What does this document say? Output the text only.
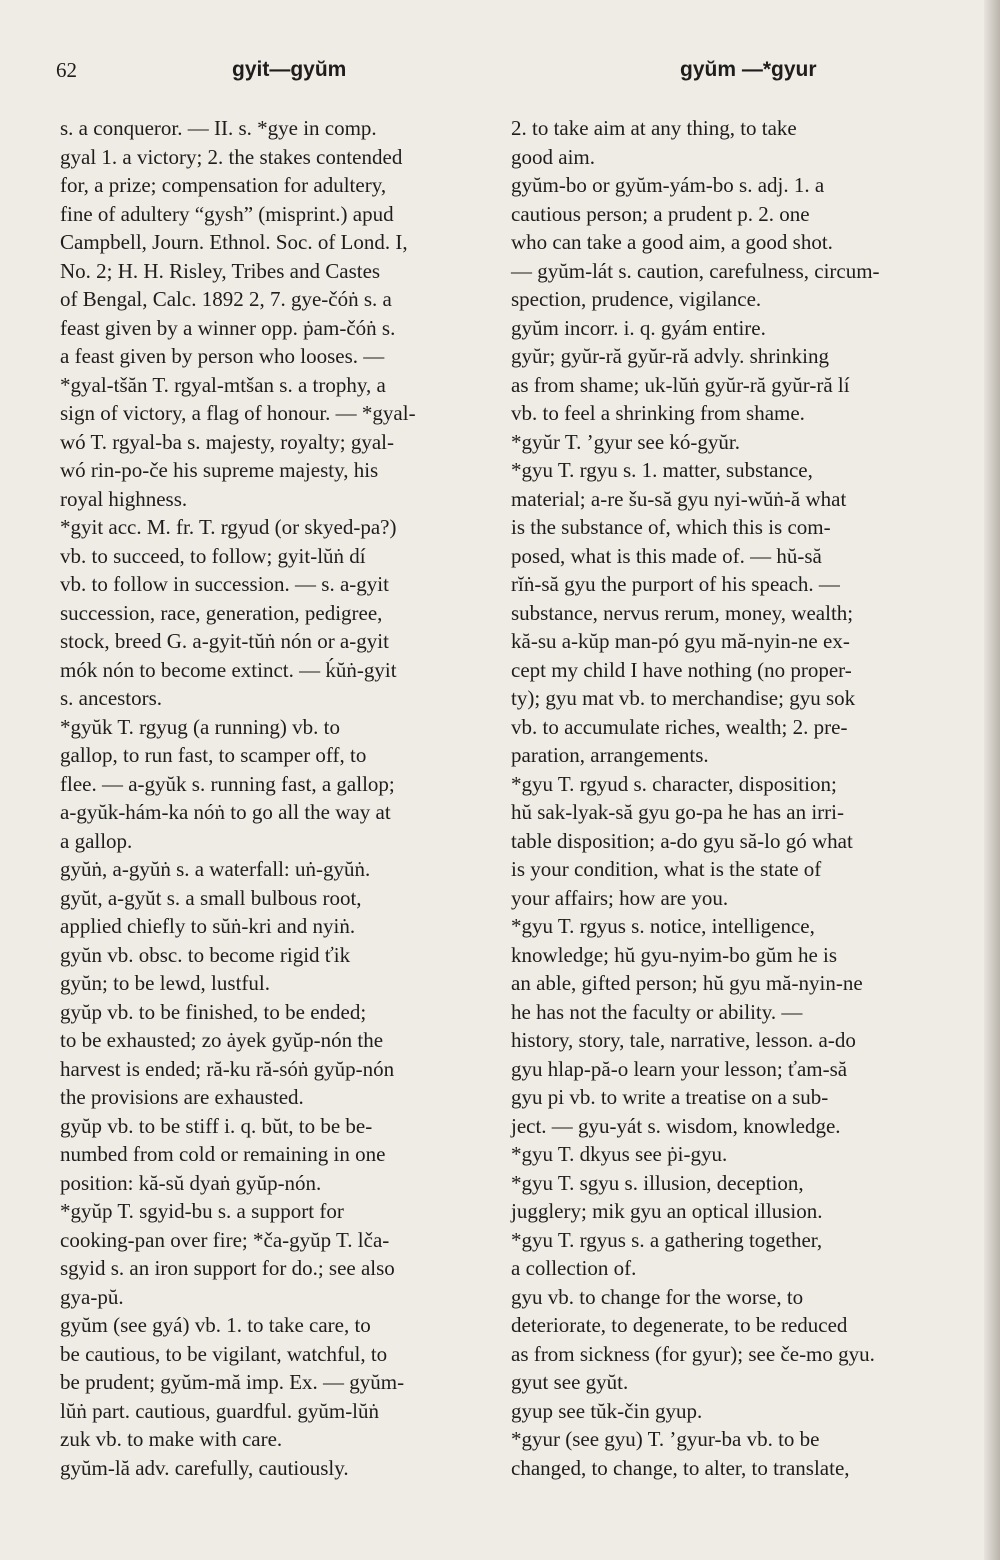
62	gyit—gyŭm	gyŭm —*gyur
s. a conqueror. — II. s. *gye in comp.
gyal 1. a victory; 2. the stakes contended
for, a prize; compensation for adultery,
fine of adultery “gysh” (misprint.) apud
Campbell, Journ. Ethnol. Soc. of Lond. I,
No. 2; H. H. Risley, Tribes and Castes
of Bengal, Calc. 1892 2, 7. gye-čóṅ s. a
feast given by a winner opp. ṗam-čóṅ s.
a feast given by person who looses. —
*gyal-tšăn T. rgyal-mtšan s. a trophy, a
sign of victory, a flag of honour. — *gyal-
wó T. rgyal-ba s. majesty, royalty; gyal-
wó rin-po-če his supreme majesty, his
royal highness.
*gyit acc. M. fr. T. rgyud (or skyed-pa?)
vb. to succeed, to follow; gyit-lŭṅ dí
vb. to follow in succession. — s. a-gyit
succession, race, generation, pedigree,
stock, breed G. a-gyit-tŭṅ nón or a-gyit
mók nón to become extinct. — ḱŭṅ-gyit
s. ancestors.
*gyŭk T. rgyug (a running) vb. to
gallop, to run fast, to scamper off, to
flee. — a-gyŭk s. running fast, a gallop;
a-gyŭk-hám-ka nóṅ to go all the way at
a gallop.
gyŭṅ, a-gyŭṅ s. a waterfall: uṅ-gyŭṅ.
gyŭt, a-gyŭt s. a small bulbous root,
applied chiefly to sŭṅ-kri and nyiṅ.
gyŭn vb. obsc. to become rigid ťik
gyŭn; to be lewd, lustful.
gyŭp vb. to be finished, to be ended;
to be exhausted; zo ȧyek gyŭp-nón the
harvest is ended; ră-ku ră-sóṅ gyŭp-nón
the provisions are exhausted.
gyŭp vb. to be stiff i. q. bŭt, to be be-
numbed from cold or remaining in one
position: kă-sŭ dyaṅ gyŭp-nón.
*gyŭp T. sgyid-bu s. a support for
cooking-pan over fire; *ča-gyŭp T. lča-
sgyid s. an iron support for do.; see also
gya-pŭ.
gyŭm (see gyá) vb. 1. to take care, to
be cautious, to be vigilant, watchful, to
be prudent; gyŭm-mă imp. Ex. — gyŭm-
lŭṅ part. cautious, guardful. gyŭm-lŭṅ
zuk vb. to make with care.
gyŭm-lă adv. carefully, cautiously.
2. to take aim at any thing, to take
good aim.
gyŭm-bo or gyŭm-yám-bo s. adj. 1. a
cautious person; a prudent p. 2. one
who can take a good aim, a good shot.
— gyŭm-lát s. caution, carefulness, circum-
spection, prudence, vigilance.
gyŭm incorr. i. q. gyám entire.
gyŭr; gyŭr-ră gyŭr-ră advly. shrinking
as from shame; uk-lŭṅ gyŭr-ră gyŭr-ră lí
vb. to feel a shrinking from shame.
*gyŭr T. ’gyur see kó-gyŭr.
*gyu T. rgyu s. 1. matter, substance,
material; a-re šu-să gyu nyi-wŭṅ-ă what
is the substance of, which this is com-
posed, what is this made of. — hŭ-să
rĭṅ-să gyu the purport of his speach. —
substance, nervus rerum, money, wealth;
kă-su a-kŭp man-pó gyu mă-nyin-ne ex-
cept my child I have nothing (no proper-
ty); gyu mat vb. to merchandise; gyu sok
vb. to accumulate riches, wealth; 2. pre-
paration, arrangements.
*gyu T. rgyud s. character, disposition;
hŭ sak-lyak-să gyu go-pa he has an irri-
table disposition; a-do gyu să-lo gó what
is your condition, what is the state of
your affairs; how are you.
*gyu T. rgyus s. notice, intelligence,
knowledge; hŭ gyu-nyim-bo gŭm he is
an able, gifted person; hŭ gyu mă-nyin-ne
he has not the faculty or ability. —
history, story, tale, narrative, lesson. a-do
gyu hlap-pă-o learn your lesson; ťam-să
gyu pi vb. to write a treatise on a sub-
ject. — gyu-yát s. wisdom, knowledge.
*gyu T. dkyus see ṗi-gyu.
*gyu T. sgyu s. illusion, deception,
jugglery; mik gyu an optical illusion.
*gyu T. rgyus s. a gathering together,
a collection of.
gyu vb. to change for the worse, to
deteriorate, to degenerate, to be reduced
as from sickness (for gyur); see če-mo gyu.
gyut see gyŭt.
gyup see tŭk-čin gyup.
*gyur (see gyu) T. ’gyur-ba vb. to be
changed, to change, to alter, to translate,
